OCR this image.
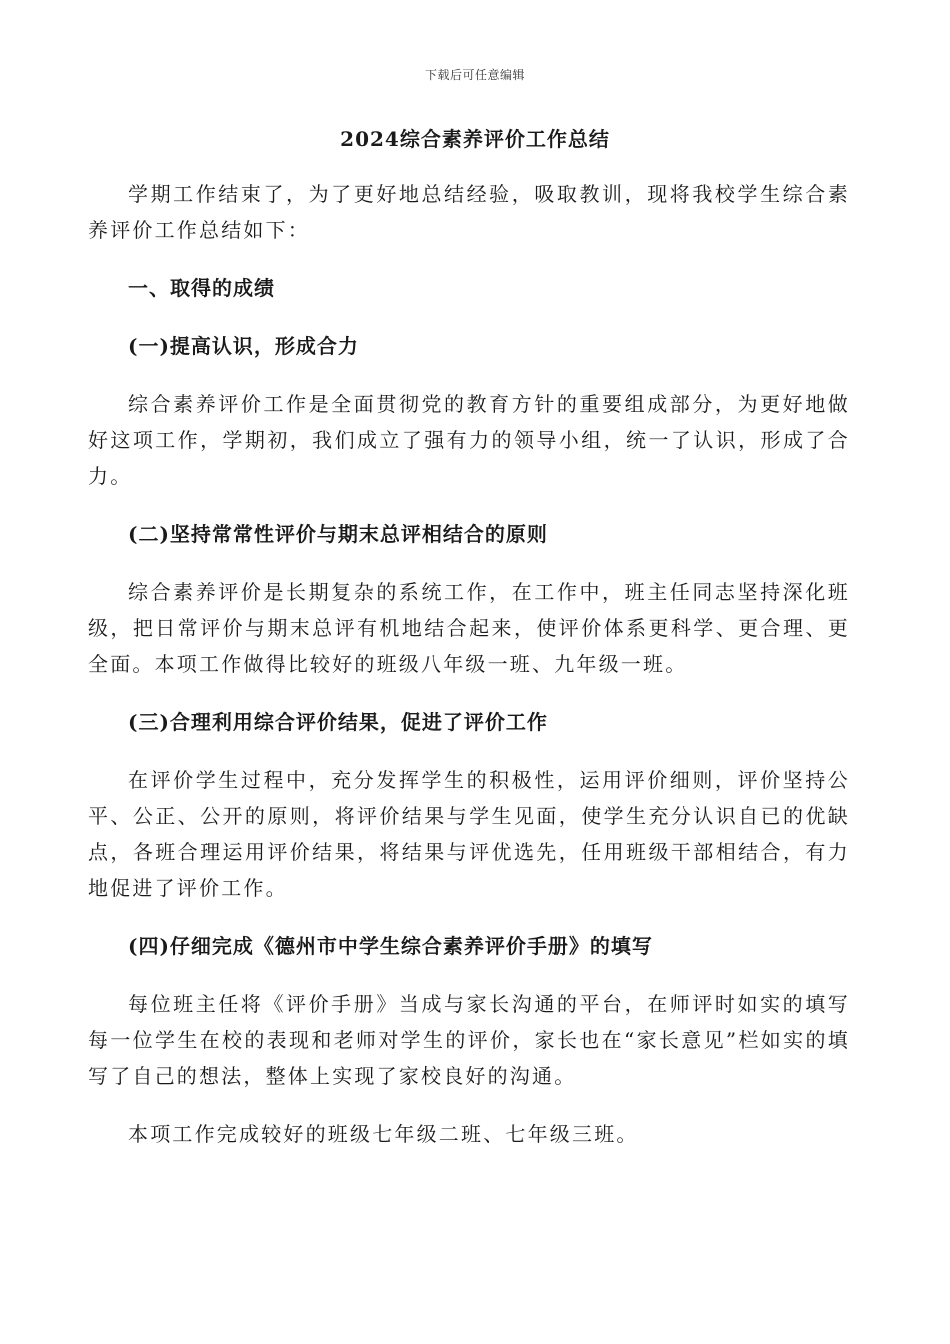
下载后可任意编辑
2024综合素养评价工作总结

学期工作结束了，为了更好地总结经验，吸取教训，现将我校学生综合素养评价工作总结如下：

一、取得的成绩

(一)提高认识，形成合力

综合素养评价工作是全面贯彻党的教育方针的重要组成部分，为更好地做好这项工作，学期初，我们成立了强有力的领导小组，统一了认识，形成了合力。

(二)坚持常常性评价与期末总评相结合的原则

综合素养评价是长期复杂的系统工作，在工作中，班主任同志坚持深化班级，把日常评价与期末总评有机地结合起来，使评价体系更科学、更合理、更全面。本项工作做得比较好的班级八年级一班、九年级一班。

(三)合理利用综合评价结果，促进了评价工作

在评价学生过程中，充分发挥学生的积极性，运用评价细则，评价坚持公平、公正、公开的原则，将评价结果与学生见面，使学生充分认识自已的优缺点，各班合理运用评价结果，将结果与评优选先，任用班级干部相结合，有力地促进了评价工作。

(四)仔细完成《德州市中学生综合素养评价手册》的填写

每位班主任将《评价手册》当成与家长沟通的平台，在师评时如实的填写每一位学生在校的表现和老师对学生的评价，家长也在“家长意见”栏如实的填写了自己的想法，整体上实现了家校良好的沟通。

本项工作完成较好的班级七年级二班、七年级三班。
